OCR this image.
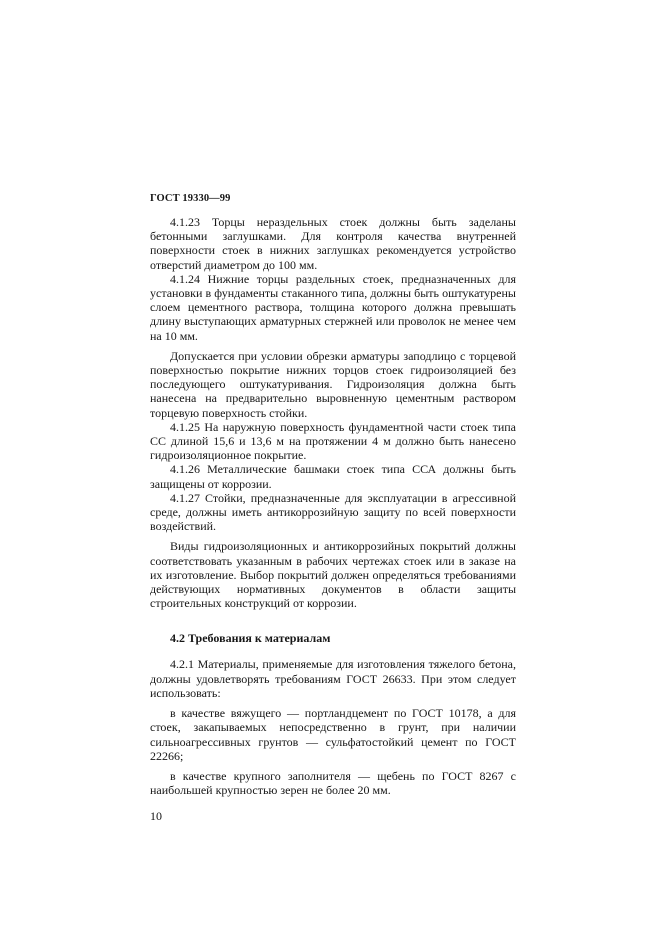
ГОСТ 19330—99

4.1.23 Торцы нераздельных стоек должны быть заделаны бетонными заглушками. Для контроля качества внутренней поверхности стоек в нижних заглушках рекомендуется устройство отверстий диаметром до 100 мм.

4.1.24 Нижние торцы раздельных стоек, предназначенных для установки в фундаменты стаканного типа, должны быть оштукатурены слоем цементного раствора, толщина которого должна превышать длину выступающих арматурных стержней или проволок не менее чем на 10 мм.

Допускается при условии обрезки арматуры заподлицо с торцевой поверхностью покрытие нижних торцов стоек гидроизоляцией без последующего оштукатуривания. Гидроизоляция должна быть нанесена на предварительно выровненную цементным раствором торцевую поверхность стойки.

4.1.25 На наружную поверхность фундаментной части стоек типа СС длиной 15,6 и 13,6 м на протяжении 4 м должно быть нанесено гидроизоляционное покрытие.

4.1.26 Металлические башмаки стоек типа ССА должны быть защищены от коррозии.

4.1.27 Стойки, предназначенные для эксплуатации в агрессивной среде, должны иметь антикоррозийную защиту по всей поверхности воздействий.

Виды гидроизоляционных и антикоррозийных покрытий должны соответствовать указанным в рабочих чертежах стоек или в заказе на их изготовление. Выбор покрытий должен определяться требованиями действующих нормативных документов в области защиты строительных конструкций от коррозии.

4.2 Требования к материалам

4.2.1 Материалы, применяемые для изготовления тяжелого бетона, должны удовлетворять требованиям ГОСТ 26633. При этом следует использовать:

в качестве вяжущего — портландцемент по ГОСТ 10178, а для стоек, закапываемых непосредственно в грунт, при наличии сильноагрессивных грунтов — сульфатостойкий цемент по ГОСТ 22266;

в качестве крупного заполнителя — щебень по ГОСТ 8267 с наибольшей крупностью зерен не более 20 мм.

10
